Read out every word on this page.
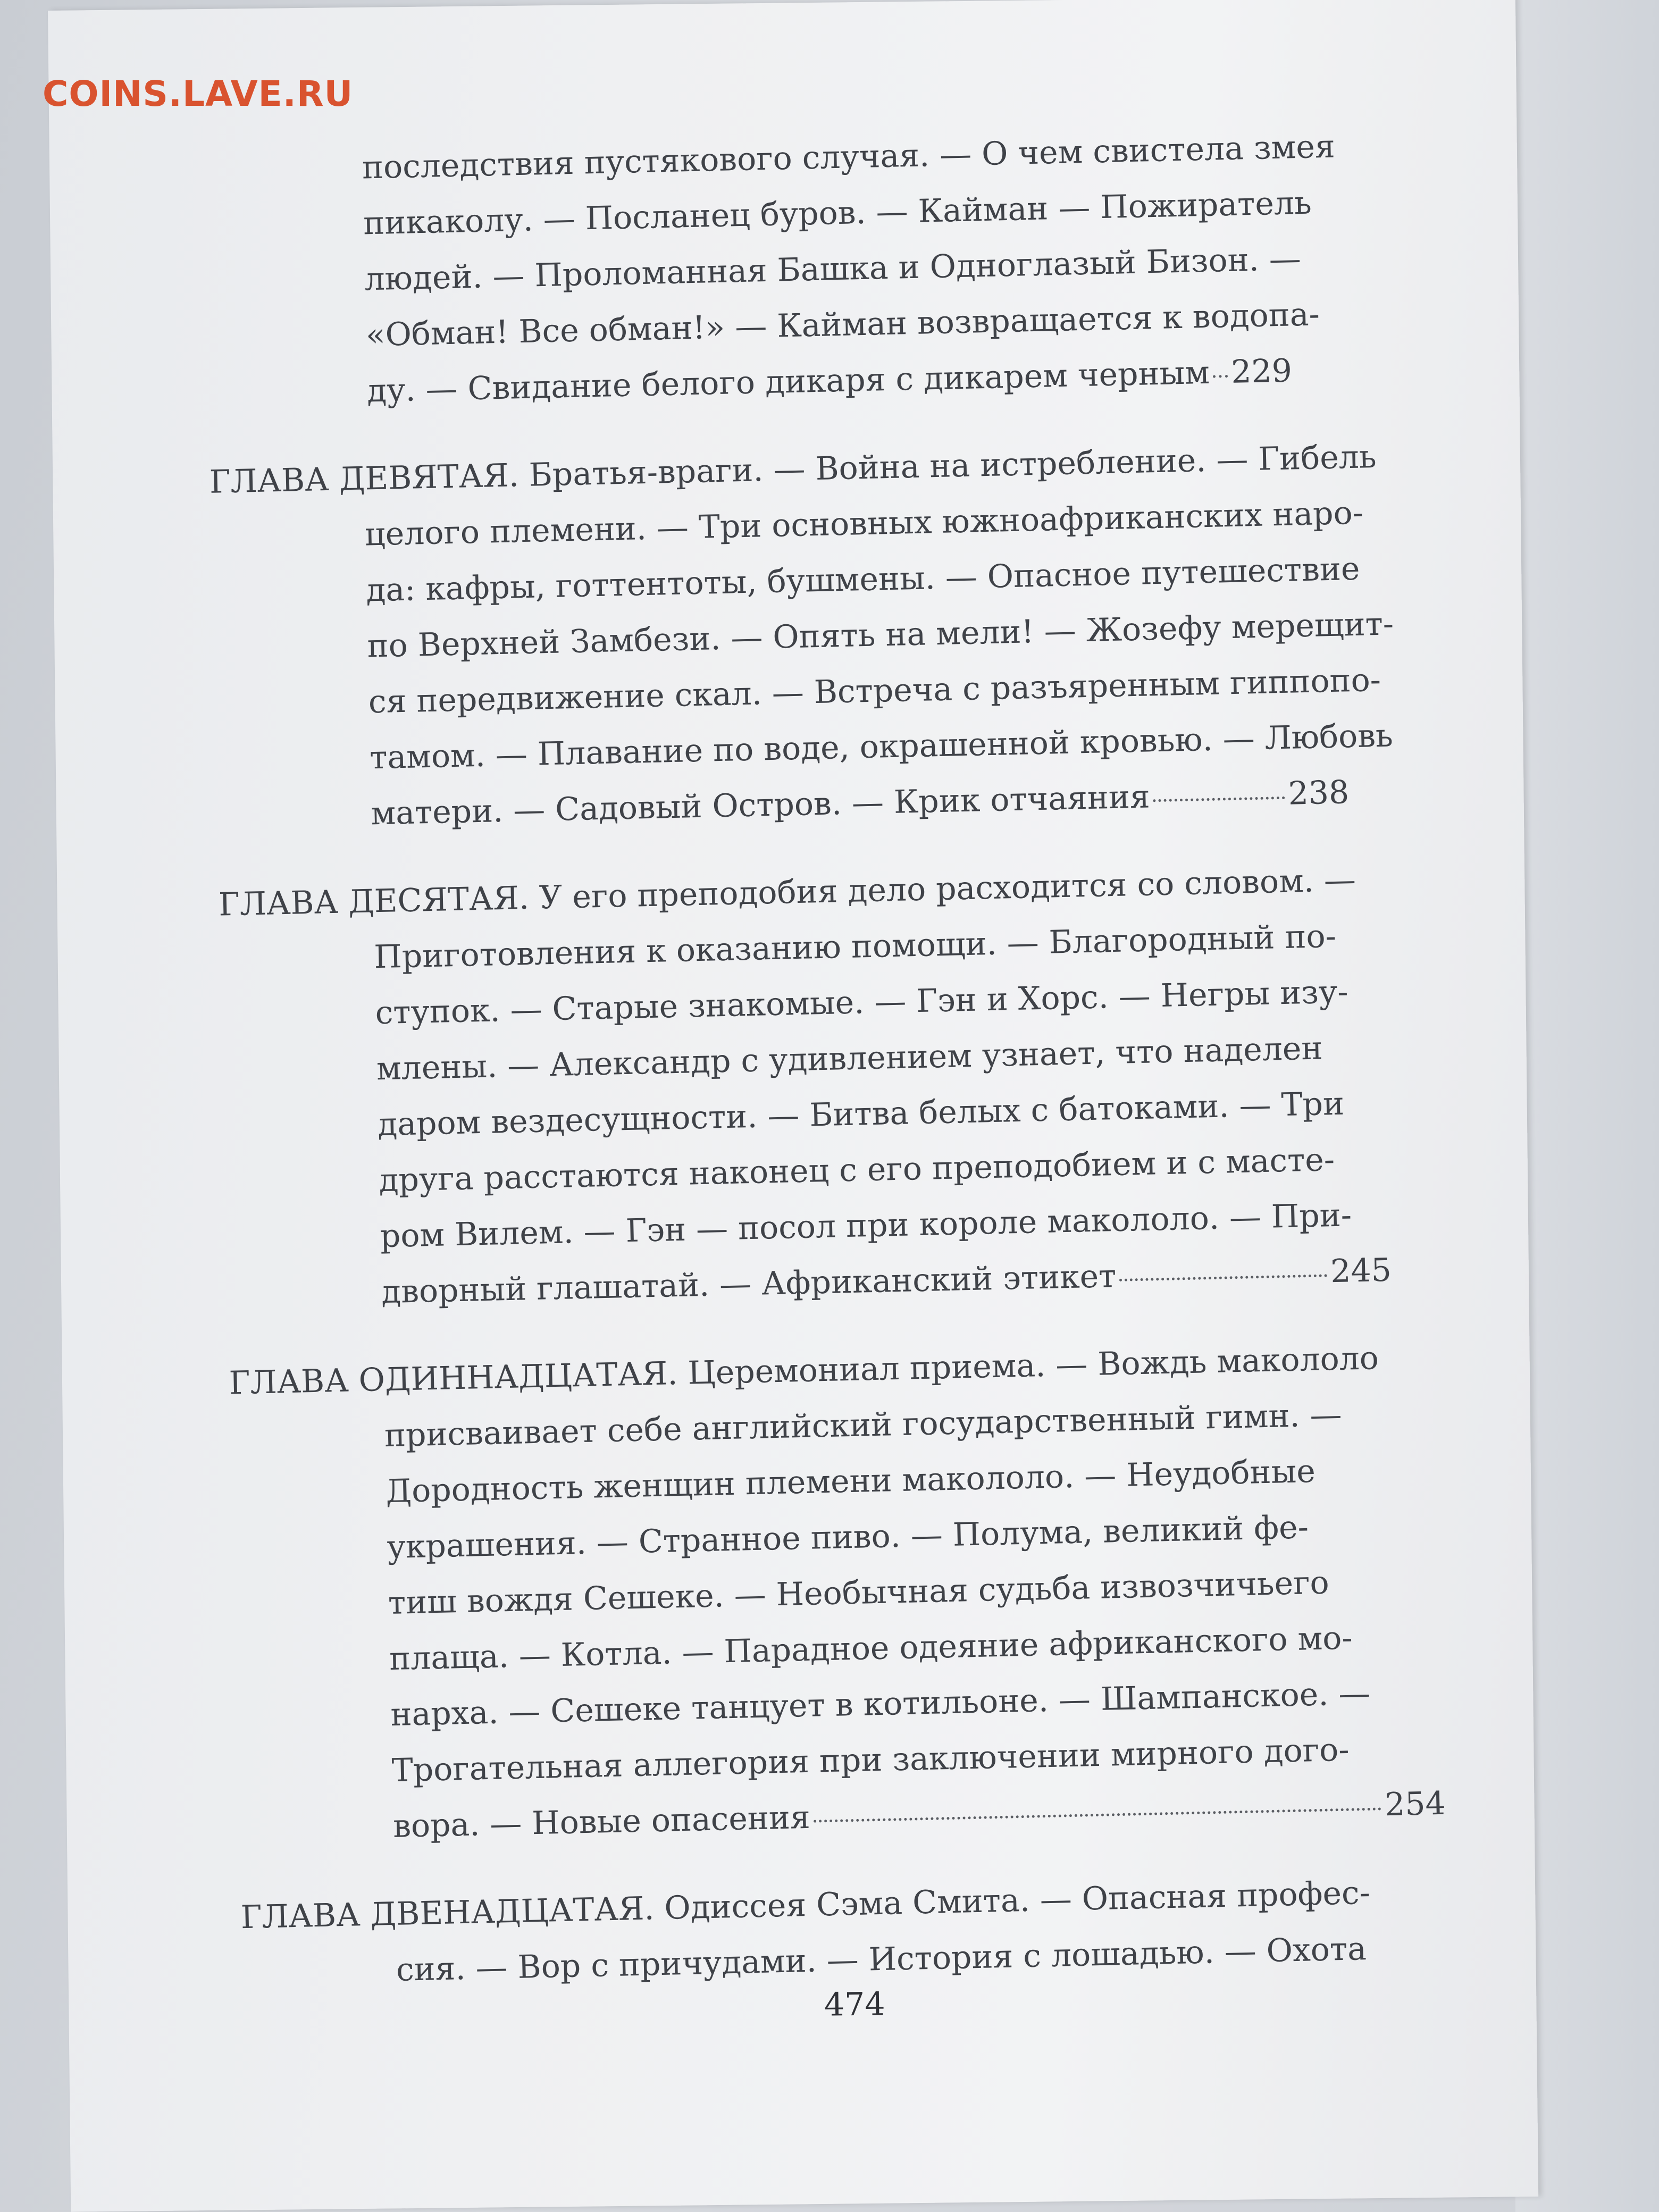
COINS.LAVE.RU
последствия пустякового случая. — О чем свистела змея
пикаколу. — Посланец буров. — Кайман — Пожиратель
людей. — Проломанная Башка и Одноглазый Бизон. —
«Обман! Все обман!» — Кайман возвращается к водопа-
ду. — Свидание белого дикаря с дикарем черным 229
ГЛАВА ДЕВЯТАЯ. Братья-враги. — Война на истребление. — Гибель
целого племени. — Три основных южноафриканских наро-
да: кафры, готтентоты, бушмены. — Опасное путешествие
по Верхней Замбези. — Опять на мели! — Жозефу мерещит-
ся передвижение скал. — Встреча с разъяренным гиппопо-
тамом. — Плавание по воде, окрашенной кровью. — Любовь
матери. — Садовый Остров. — Крик отчаяния	238
ГЛАВА ДЕСЯТАЯ. У его преподобия дело расходится со словом. —
Приготовления к оказанию помощи. — Благородный по-
ступок. — Старые знакомые. — Гэн и Хорс. — Негры изу-
млены. — Александр с удивлением узнает, что наделен
даром вездесущности. — Битва белых с батоками. — Три
друга расстаются наконец с его преподобием и с масте-
ром Вилем. — Гэн — посол при короле макололо. — При-
дворный глашатай. — Африканский этикет	245
ГЛАВА ОДИННАДЦАТАЯ. Церемониал приема. — Вождь макололо
присваивает себе английский государственный гимн. —
Дородность женщин племени макололо. — Неудобные
украшения. — Странное пиво. — Полума, великий фе-
тиш вождя Сешеке. — Необычная судьба извозчичьего
плаща. — Котла. — Парадное одеяние африканского мо-
нарха. — Сешеке танцует в котильоне. — Шампанское. —
Трогательная аллегория при заключении мирного дого-
вора. — Новые опасения	254
ГЛАВА ДВЕНАДЦАТАЯ. Одиссея Сэма Смита. — Опасная профес-
сия. — Вор с причудами. — История с лошадью. — Охота
474
